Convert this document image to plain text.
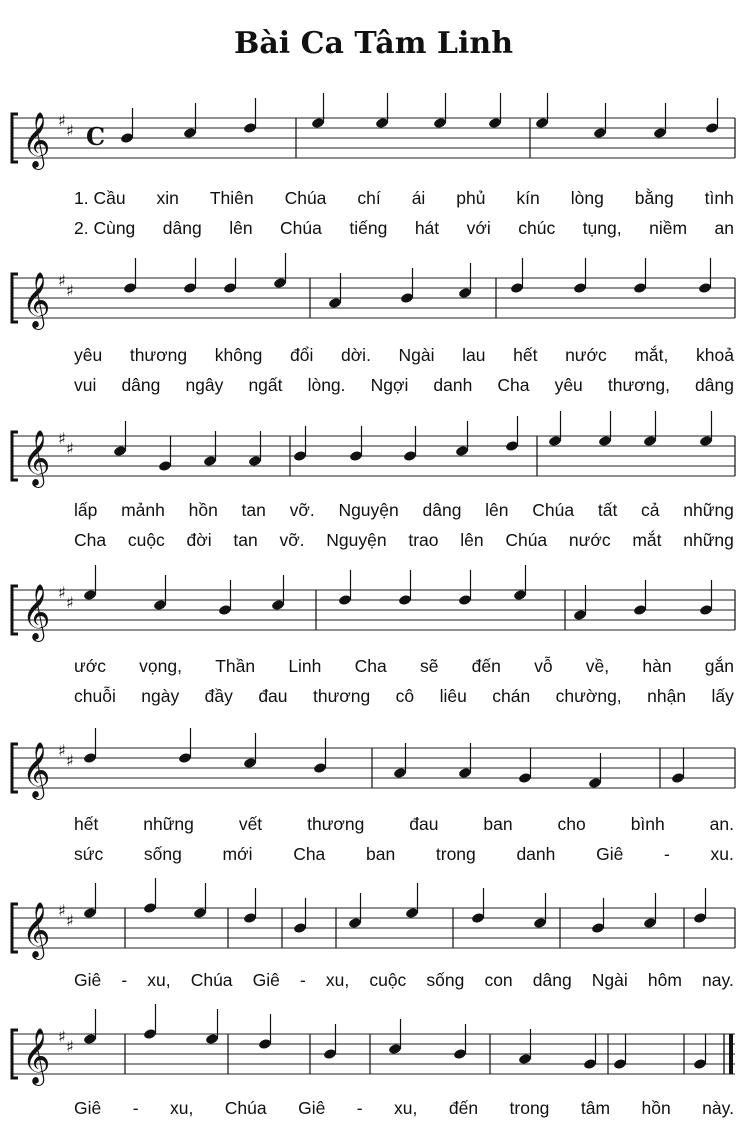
Bài Ca Tâm Linh
𝄞 ♯
♯ C
𝄞 ♯
♯
𝄞 ♯
♯
𝄞 ♯
♯
𝄞 ♯
♯
𝄞 ♯
♯
𝄞 ♯
♯
1. Cầu xin Thiên Chúa chí ái phủ kín lòng bằng tình
2. Cùng dâng lên Chúa tiếng hát với chúc tụng, niềm an
yêu thương không đổi dời. Ngài lau hết nước mắt, khoả
vui dâng ngây ngất lòng. Ngợi danh Cha yêu thương, dâng
lấp mảnh hồn tan vỡ. Nguyện dâng lên Chúa tất cả những
Cha cuộc đời tan vỡ. Nguyện trao lên Chúa nước mắt những
ước vọng, Thần Linh Cha sẽ đến vỗ về, hàn gắn
chuỗi ngày đầy đau thương cô liêu chán chường, nhận lấy
hết	những	vết	thương	đau	ban	cho	bình	an.
sức sống mới Cha ban trong danh Giê - xu.
Giê - xu, Chúa Giê - xu, cuộc sống con dâng Ngài hôm nay.
Giê - xu, Chúa Giê - xu, đến trong tâm hồn này.
